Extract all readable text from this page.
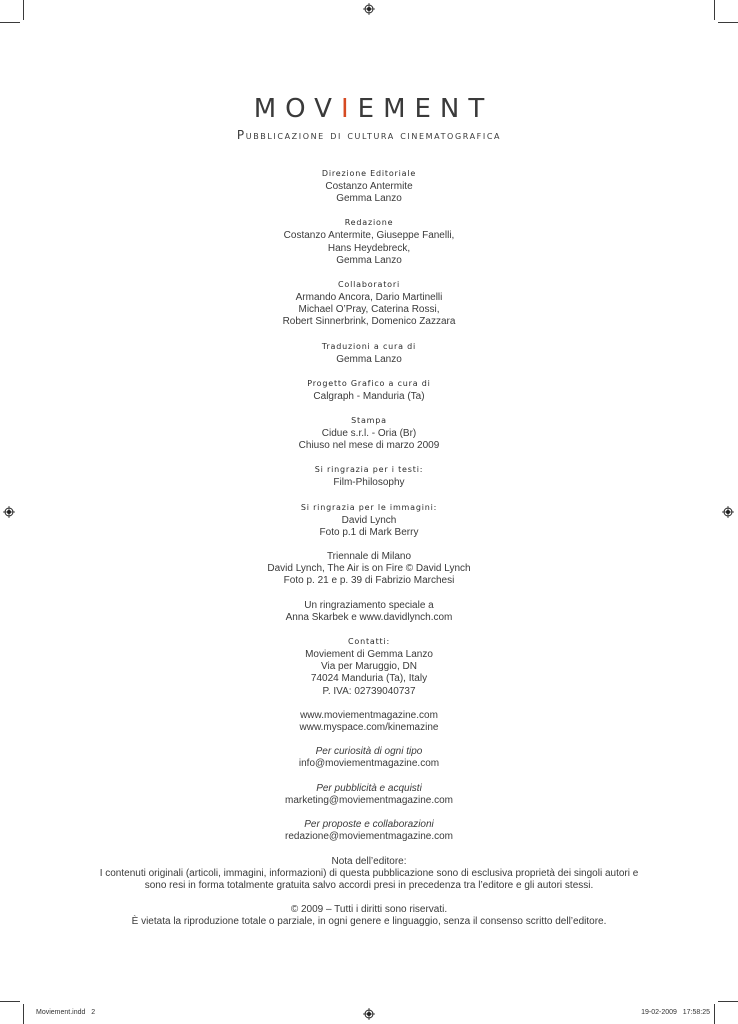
MOVIEMENT
Pubblicazione di cultura cinematografica
Direzione Editoriale
Costanzo Antermite
Gemma Lanzo
Redazione
Costanzo Antermite, Giuseppe Fanelli,
Hans Heydebreck,
Gemma Lanzo
Collaboratori
Armando Ancora, Dario Martinelli
Michael O’Pray, Caterina Rossi,
Robert Sinnerbrink, Domenico Zazzara
Traduzioni a cura di
Gemma Lanzo
Progetto Grafico a cura di
Calgraph - Manduria (Ta)
Stampa
Cidue s.r.l. - Oria (Br)
Chiuso nel mese di marzo 2009
Si ringrazia per i testi:
Film-Philosophy
Si ringrazia per le immagini:
David Lynch
Foto p.1 di Mark Berry
Triennale di Milano
David Lynch, The Air is on Fire © David Lynch
Foto p. 21 e p. 39 di Fabrizio Marchesi
Un ringraziamento speciale a
Anna Skarbek e www.davidlynch.com
Contatti:
Moviement di Gemma Lanzo
Via per Maruggio, DN
74024 Manduria (Ta), Italy
P. IVA: 02739040737
www.moviementmagazine.com
www.myspace.com/kinemazine
Per curiosità di ogni tipo
info@moviementmagazine.com
Per pubblicità e acquisti
marketing@moviementmagazine.com
Per proposte e collaborazioni
redazione@moviementmagazine.com
Nota dell’editore:
I contenuti originali (articoli, immagini, informazioni) di questa pubblicazione sono di esclusiva proprietà dei singoli autori e
sono resi in forma totalmente gratuita salvo accordi presi in precedenza tra l’editore e gli autori stessi.
© 2009 – Tutti i diritti sono riservati.
È vietata la riproduzione totale o parziale, in ogni genere e linguaggio, senza il consenso scritto dell’editore.
Moviement.indd   2	19-02-2009   17:58:25
